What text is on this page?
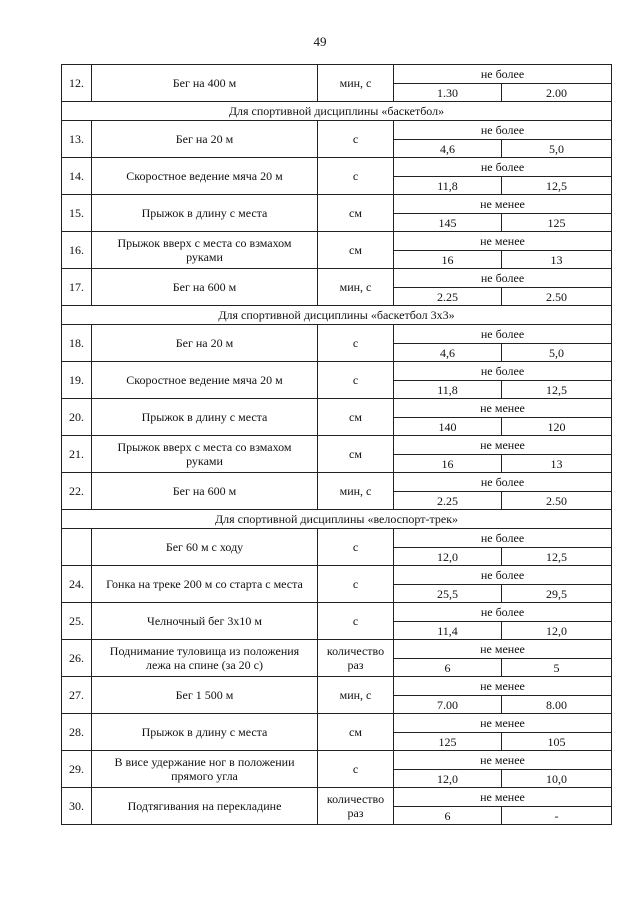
49
12.	Бег на 400 м	мин, с	не более	
			1.30	2.00
Для спортивной дисциплины «баскетбол»				
13.	Бег на 20 м	с	не более	
			4,6	5,0
14.	Скоростное ведение мяча 20 м	с	не более	
			11,8	12,5
15.	Прыжок в длину с места	см	не менее	
			145	125
16.	Прыжок вверх с места со взмахом руками	см	не менее	
			16	13
17.	Бег на 600 м	мин, с	не более	
			2.25	2.50
Для спортивной дисциплины «баскетбол 3х3»				
18.	Бег на 20 м	с	не более	
			4,6	5,0
19.	Скоростное ведение мяча 20 м	с	не более	
			11,8	12,5
20.	Прыжок в длину с места	см	не менее	
			140	120
21.	Прыжок вверх с места со взмахом руками	см	не менее	
			16	13
22.	Бег на 600 м	мин, с	не более	
			2.25	2.50
Для спортивной дисциплины «велоспорт-трек»				
	Бег 60 м с ходу	с	не более	
			12,0	12,5
24.	Гонка на треке 200 м со старта с места	с	не более	
			25,5	29,5
25.	Челночный бег 3х10 м	с	не более	
			11,4	12,0
26.	Поднимание туловища из положения лежа на спине (за 20 с)	количество раз	не менее	
			6	5
27.	Бег 1 500 м	мин, с	не менее	
			7.00	8.00
28.	Прыжок в длину с места	см	не менее	
			125	105
29.	В висе удержание ног в положении прямого угла	с	не менее	
			12,0	10,0
30.	Подтягивания на перекладине	количество раз	не менее	
			6	-
